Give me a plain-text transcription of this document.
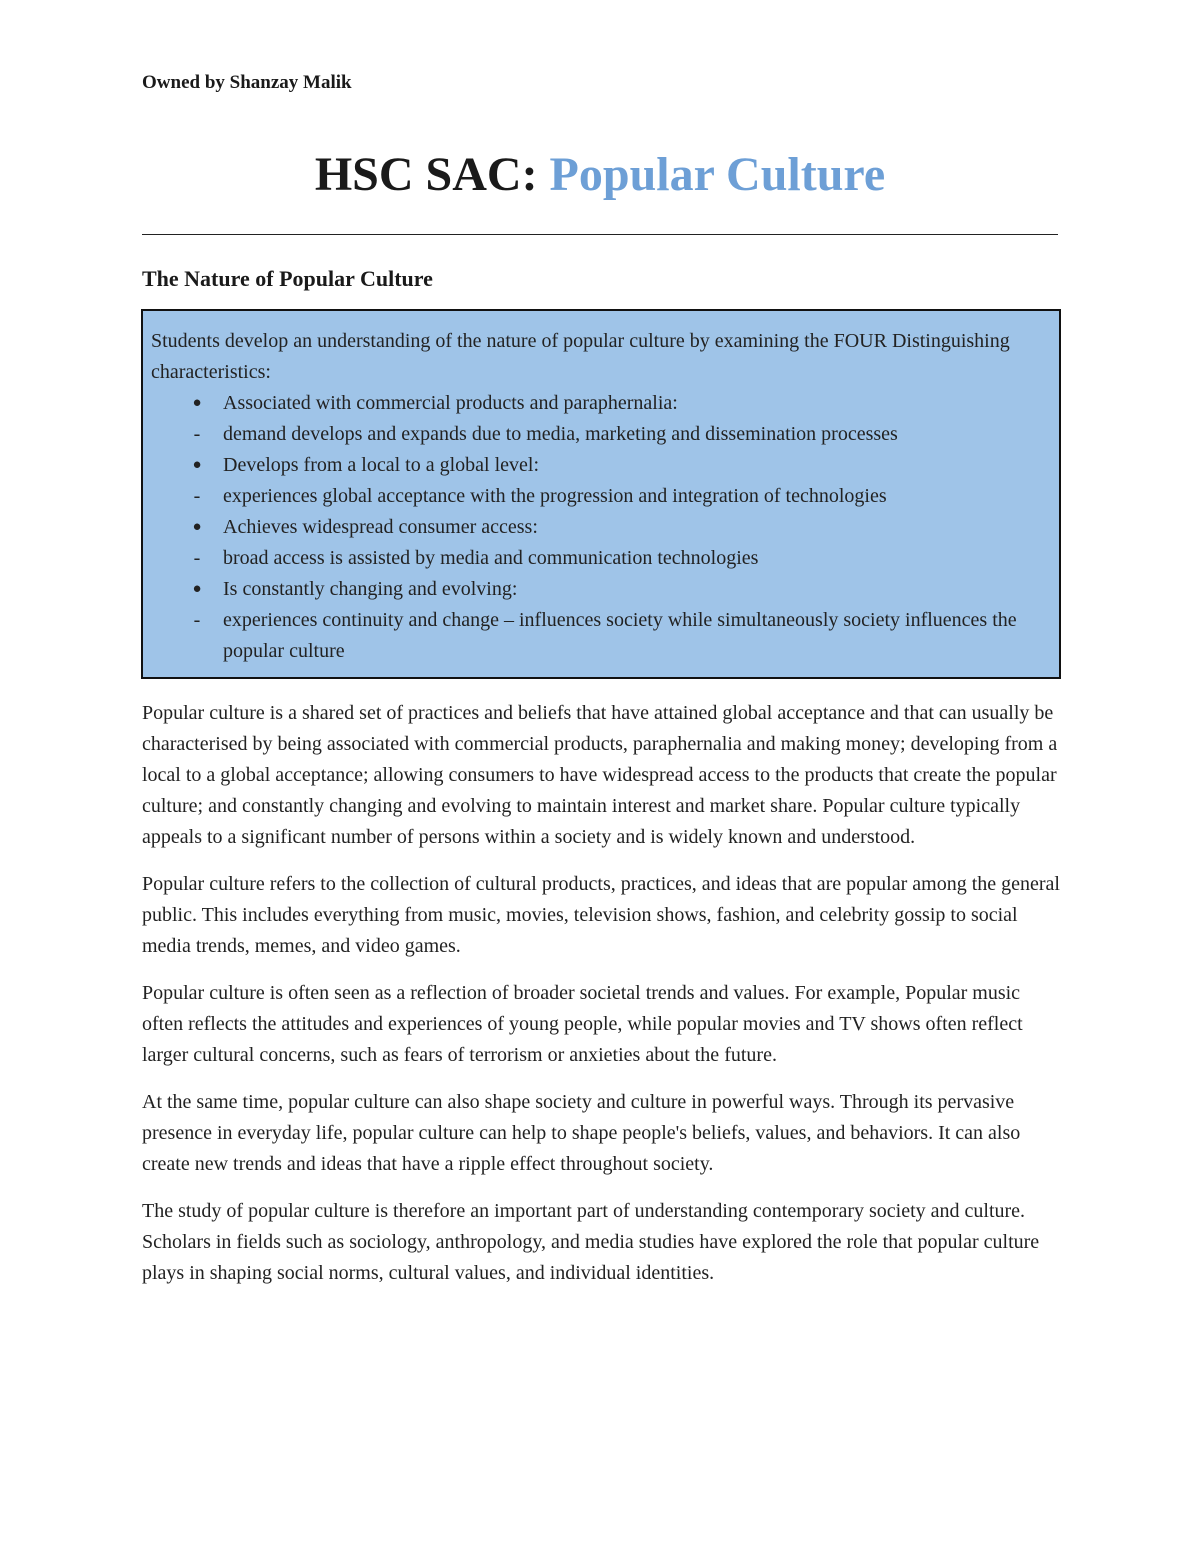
Owned by Shanzay Malik

HSC SAC: Popular Culture
The Nature of Popular Culture

Students develop an understanding of the nature of popular culture by examining the FOUR Distinguishing characteristics:

● Associated with commercial products and paraphernalia:
-	demand develops and expands due to media, marketing and dissemination processes
● Develops from a local to a global level:
-	experiences global acceptance with the progression and integration of technologies
● Achieves widespread consumer access:
-	broad access is assisted by media and communication technologies
● Is constantly changing and evolving:
-	experiences continuity and change – influences society while simultaneously society influences the popular culture

Popular culture is a shared set of practices and beliefs that have attained global acceptance and that can usually be characterised by being associated with commercial products, paraphernalia and making money; developing from a local to a global acceptance; allowing consumers to have widespread access to the products that create the popular culture; and constantly changing and evolving to maintain interest and market share. Popular culture typically appeals to a significant number of persons within a society and is widely known and understood.

Popular culture refers to the collection of cultural products, practices, and ideas that are popular among the general public. This includes everything from music, movies, television shows, fashion, and celebrity gossip to social media trends, memes, and video games.

Popular culture is often seen as a reflection of broader societal trends and values. For example, Popular music often reflects the attitudes and experiences of young people, while popular movies and TV shows often reflect larger cultural concerns, such as fears of terrorism or anxieties about the future.

At the same time, popular culture can also shape society and culture in powerful ways. Through its pervasive presence in everyday life, popular culture can help to shape people's beliefs, values, and behaviors. It can also create new trends and ideas that have a ripple effect throughout society.

The study of popular culture is therefore an important part of understanding contemporary society and culture. Scholars in fields such as sociology, anthropology, and media studies have explored the role that popular culture plays in shaping social norms, cultural values, and individual identities.
